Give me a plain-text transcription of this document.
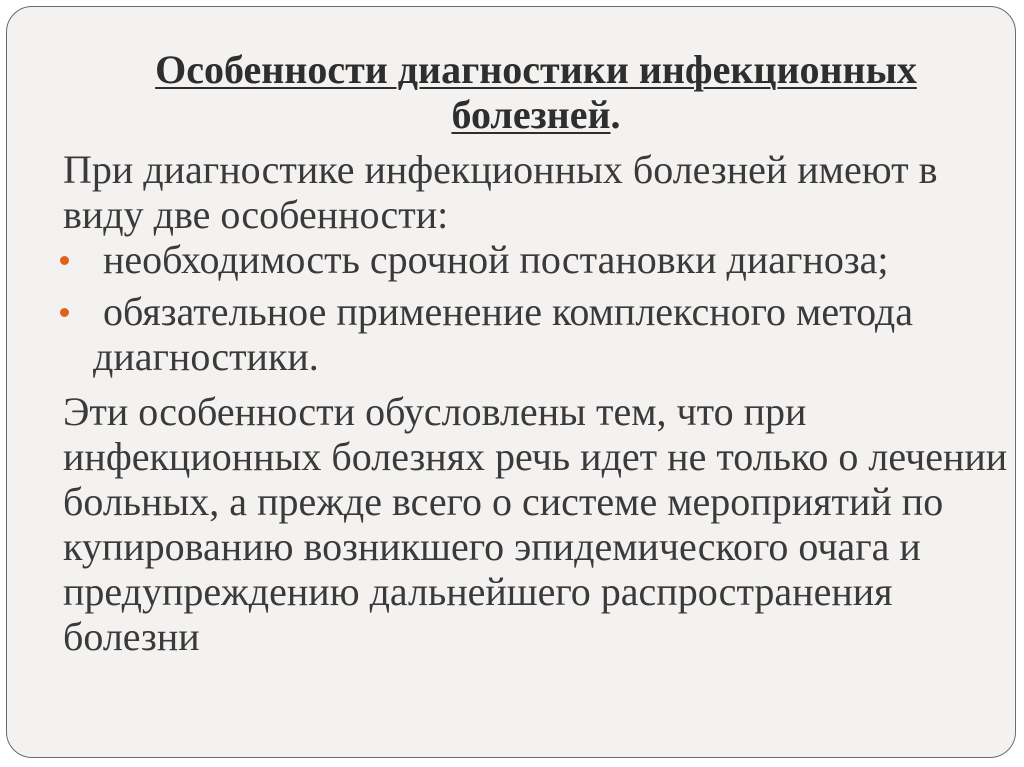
Особенности диагностики инфекционных болезней.

При диагностике инфекционных болезней имеют в виду две особенности:

необходимость срочной постановки диагноза;
обязательное применение комплексного метода диагностики.

Эти особенности обусловлены тем, что при инфекционных болезнях речь идет не только о лечении больных, а прежде всего о системе мероприятий по купированию возникшего эпидемического очага и предупреждению дальнейшего распространения болезни
